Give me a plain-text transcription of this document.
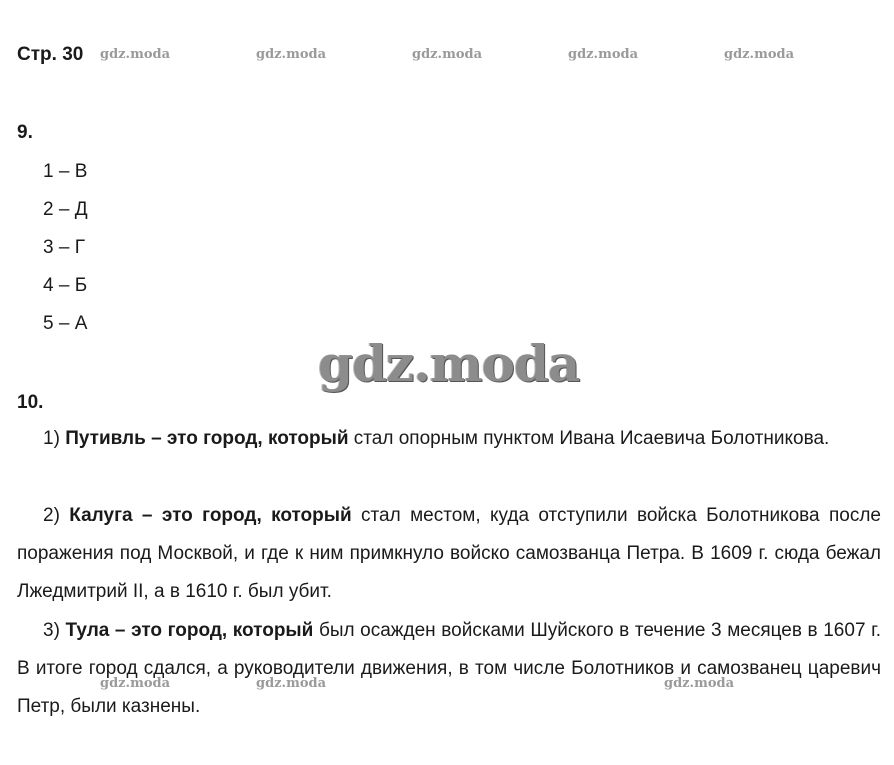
Стр. 30 gdz.moda	gdz.moda	gdz.moda	gdz.moda	gdz.moda
9.
1 – В
2 – Д
3 – Г
4 – Б
5 – А
gdz.moda
10.

1) Путивль – это город, который стал опорным пунктом Ивана Исаевича Болотникова.

2) Калуга – это город, который стал местом, куда отступили войска Болотникова после поражения под Москвой, и где к ним примкнуло войско самозванца Петра. В 1609 г. сюда бежал Лжедмитрий II, а в 1610 г. был убит.

3) Тула – это город, который был осажден войсками Шуйского в течение 3 месяцев в 1607 г. В итоге город сдался, а руководители движения, в том числе Болотников и самозванец царевич Петр, были казнены.

gdz.moda	gdz.moda	gdz.moda
